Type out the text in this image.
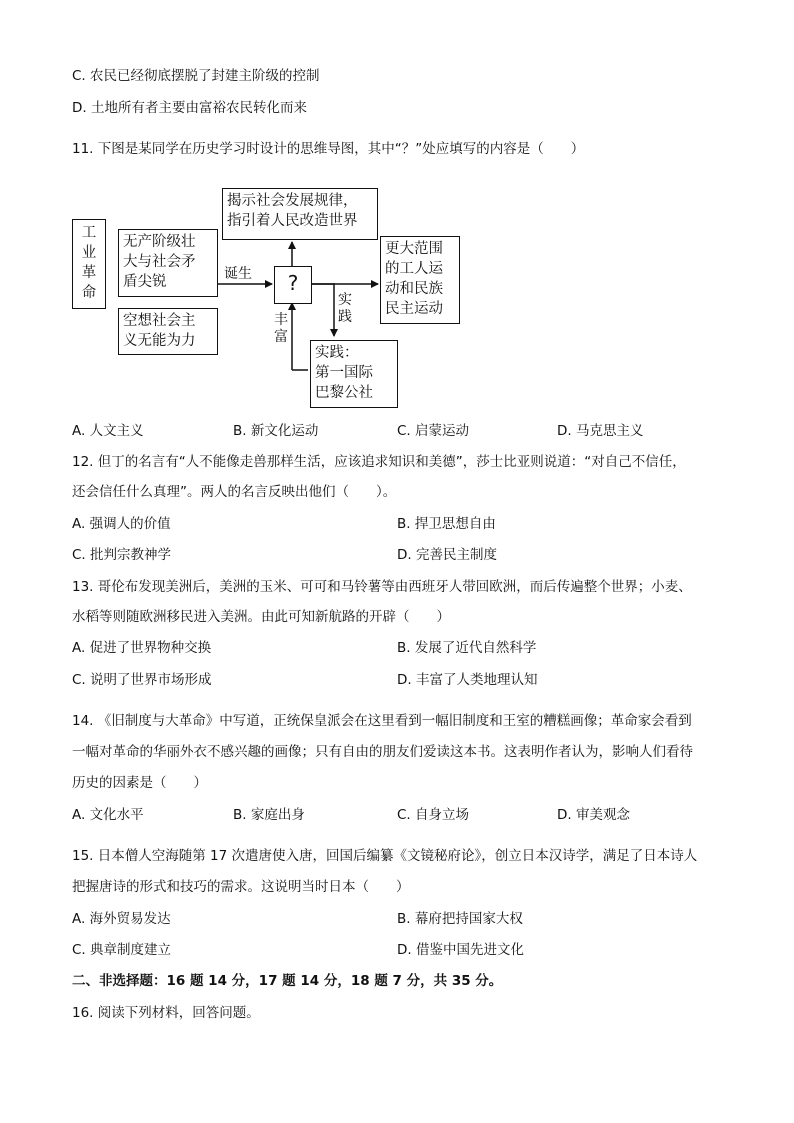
C. 农民已经彻底摆脱了封建主阶级的控制
D. 土地所有者主要由富裕农民转化而来
11. 下图是某同学在历史学习时设计的思维导图，其中“？”处应填写的内容是（　　）
工
业
革
命
无产阶级壮
大与社会矛
盾尖锐
空想社会主
义无能为力
揭示社会发展规律，
指引着人民改造世界
更大范围
的工人运
动和民族
民主运动
?
实践：
第一国际
巴黎公社
诞生
丰
富
实
践
A. 人文主义	B. 新文化运动	C. 启蒙运动	D. 马克思主义
12. 但丁的名言有“人不能像走兽那样生活，应该追求知识和美德”，莎士比亚则说道：“对自己不信任，
还会信任什么真理”。两人的名言反映出他们（　　）。
A. 强调人的价值	B. 捍卫思想自由
C. 批判宗教神学	D. 完善民主制度
13. 哥伦布发现美洲后，美洲的玉米、可可和马铃薯等由西班牙人带回欧洲，而后传遍整个世界；小麦、
水稻等则随欧洲移民进入美洲。由此可知新航路的开辟（　　）
A. 促进了世界物种交换	B. 发展了近代自然科学
C. 说明了世界市场形成	D. 丰富了人类地理认知
14. 《旧制度与大革命》中写道，正统保皇派会在这里看到一幅旧制度和王室的糟糕画像；革命家会看到
一幅对革命的华丽外衣不感兴趣的画像；只有自由的朋友们爱读这本书。这表明作者认为，影响人们看待
历史的因素是（　　）
A. 文化水平	B. 家庭出身	C. 自身立场	D. 审美观念
15. 日本僧人空海随第 17 次遣唐使入唐，回国后编纂《文镜秘府论》，创立日本汉诗学，满足了日本诗人
把握唐诗的形式和技巧的需求。这说明当时日本（　　）
A. 海外贸易发达	B. 幕府把持国家大权
C. 典章制度建立	D. 借鉴中国先进文化
二、非选择题：16 题 14 分，17 题 14 分，18 题 7 分，共 35 分。
16. 阅读下列材料，回答问题。
